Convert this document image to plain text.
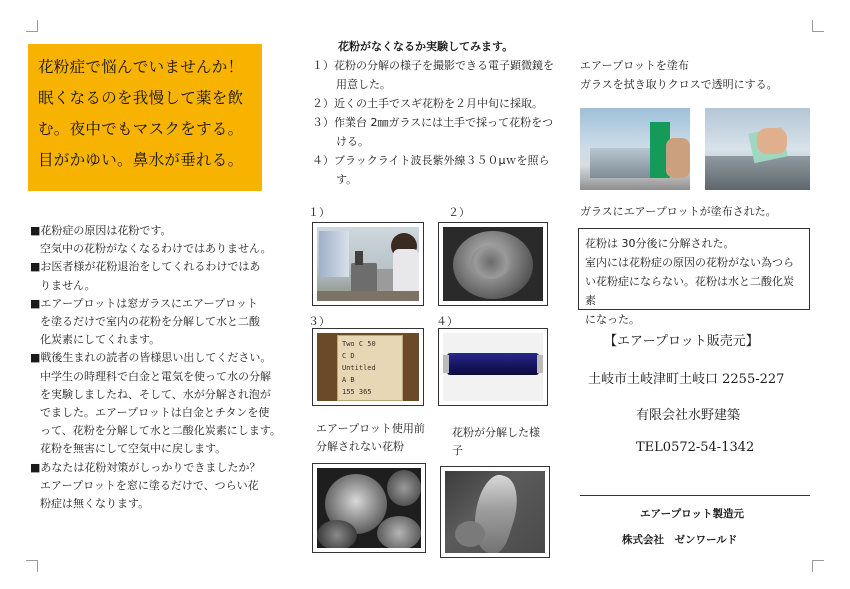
花粉症で悩んでいませんか！
眠くなるのを我慢して薬を飲
む。夜中でもマスクをする。
目がかゆい。鼻水が垂れる。
■花粉症の原因は花粉です。
空気中の花粉がなくなるわけではありません。
■お医者様が花粉退治をしてくれるわけではあ
りません。
■エアープロットは窓ガラスにエアープロット
を塗るだけで室内の花粉を分解して水と二酸
化炭素にしてくれます。
■戦後生まれの読者の皆様思い出してください。
中学生の時理科で白金と電気を使って水の分解
を実験しましたね、そして、水が分解され泡が
でました。エアープロットは白金とチタンを使
って、花粉を分解して水と二酸化炭素にします。
花粉を無害にして空気中に戻します。
■あなたは花粉対策がしっかりできましたか？
エアープロットを窓に塗るだけで、つらい花
粉症は無くなります。
花粉がなくなるか実験してみます。
１）花粉の分解の様子を撮影できる電子顕微鏡を
用意した。
２）近くの土手でスギ花粉を２月中旬に採取。
３）作業台 2㎜ガラスには土手で採って花粉をつ
ける。
４）ブラックライト波長紫外線３５０μｗを照ら
す。
１）	２）
３）	４）
Two C 50
C D
Untitled
A B
155 365
エアープロット使用前
分解されない花粉
花粉が分解した様
子
エアープロットを塗布
ガラスを拭き取りクロスで透明にする。
ガラスにエアープロットが塗布された。
花粉は 30分後に分解された。
室内には花粉症の原因の花粉がない為つら
い花粉症にならない。花粉は水と二酸化炭素
になった。
【エアープロット販売元】
土岐市土岐津町土岐口 2255-227
有限会社水野建築
TEL0572-54-1342
エアープロット製造元
株式会社　ゼンワールド
